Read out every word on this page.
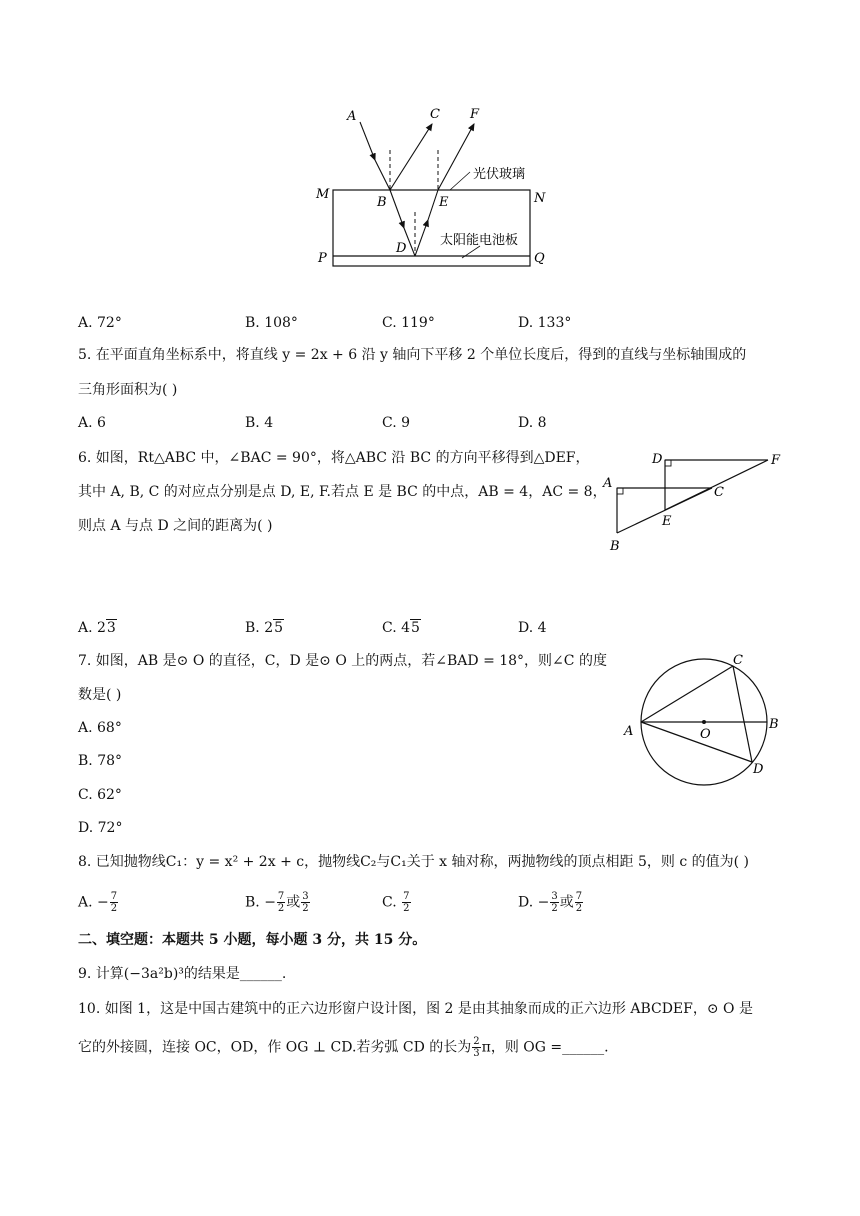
A	C F
M	N
B	E
D
P	Q
光伏玻璃
太阳能电池板
A. 72°	B. 108°	C. 119°	D. 133°
5. 在平面直角坐标系中，将直线 y = 2x + 6 沿 y 轴向下平移 2 个单位长度后，得到的直线与坐标轴围成的
三角形面积为( )
A. 6	B. 4	C. 9	D. 8
6. 如图，Rt△ABC 中，∠BAC = 90°，将△ABC 沿 BC 的方向平移得到△DEF，
其中 A, B, C 的对应点分别是点 D, E, F.若点 E 是 BC 的中点，AB = 4，AC = 8，
则点 A 与点 D 之间的距离为( )
D	F
A
C
E
B
A. 23	B. 25	C. 45	D. 4
7. 如图，AB 是⊙ O 的直径，C，D 是⊙ O 上的两点，若∠BAD = 18°，则∠C 的度
数是( )
A. 68°
B. 78°
C. 62°
D. 72°
A	B
C
D
O
8. 已知抛物线C₁：y = x² + 2x + c，抛物线C₂与C₁关于 x 轴对称，两抛物线的顶点相距 5，则 c 的值为( )
A. − $\frac{7}{2}$	B. − $\frac{7}{2}$ 或 $\frac{3}{2}$	C. $\frac{7}{2}$	D. − $\frac{3}{2}$ 或 $\frac{7}{2}$
二、填空题：本题共 5 小题，每小题 3 分，共 15 分。
9. 计算(−3a²b)³的结果是______.
10. 如图 1，这是中国古建筑中的正六边形窗户设计图，图 2 是由其抽象而成的正六边形 ABCDEF，⊙ O 是
它的外接圆，连接 OC，OD，作 OG ⊥ CD.若劣弧 CD 的长为 $\frac{2}{3}$ π，则 OG =______.
